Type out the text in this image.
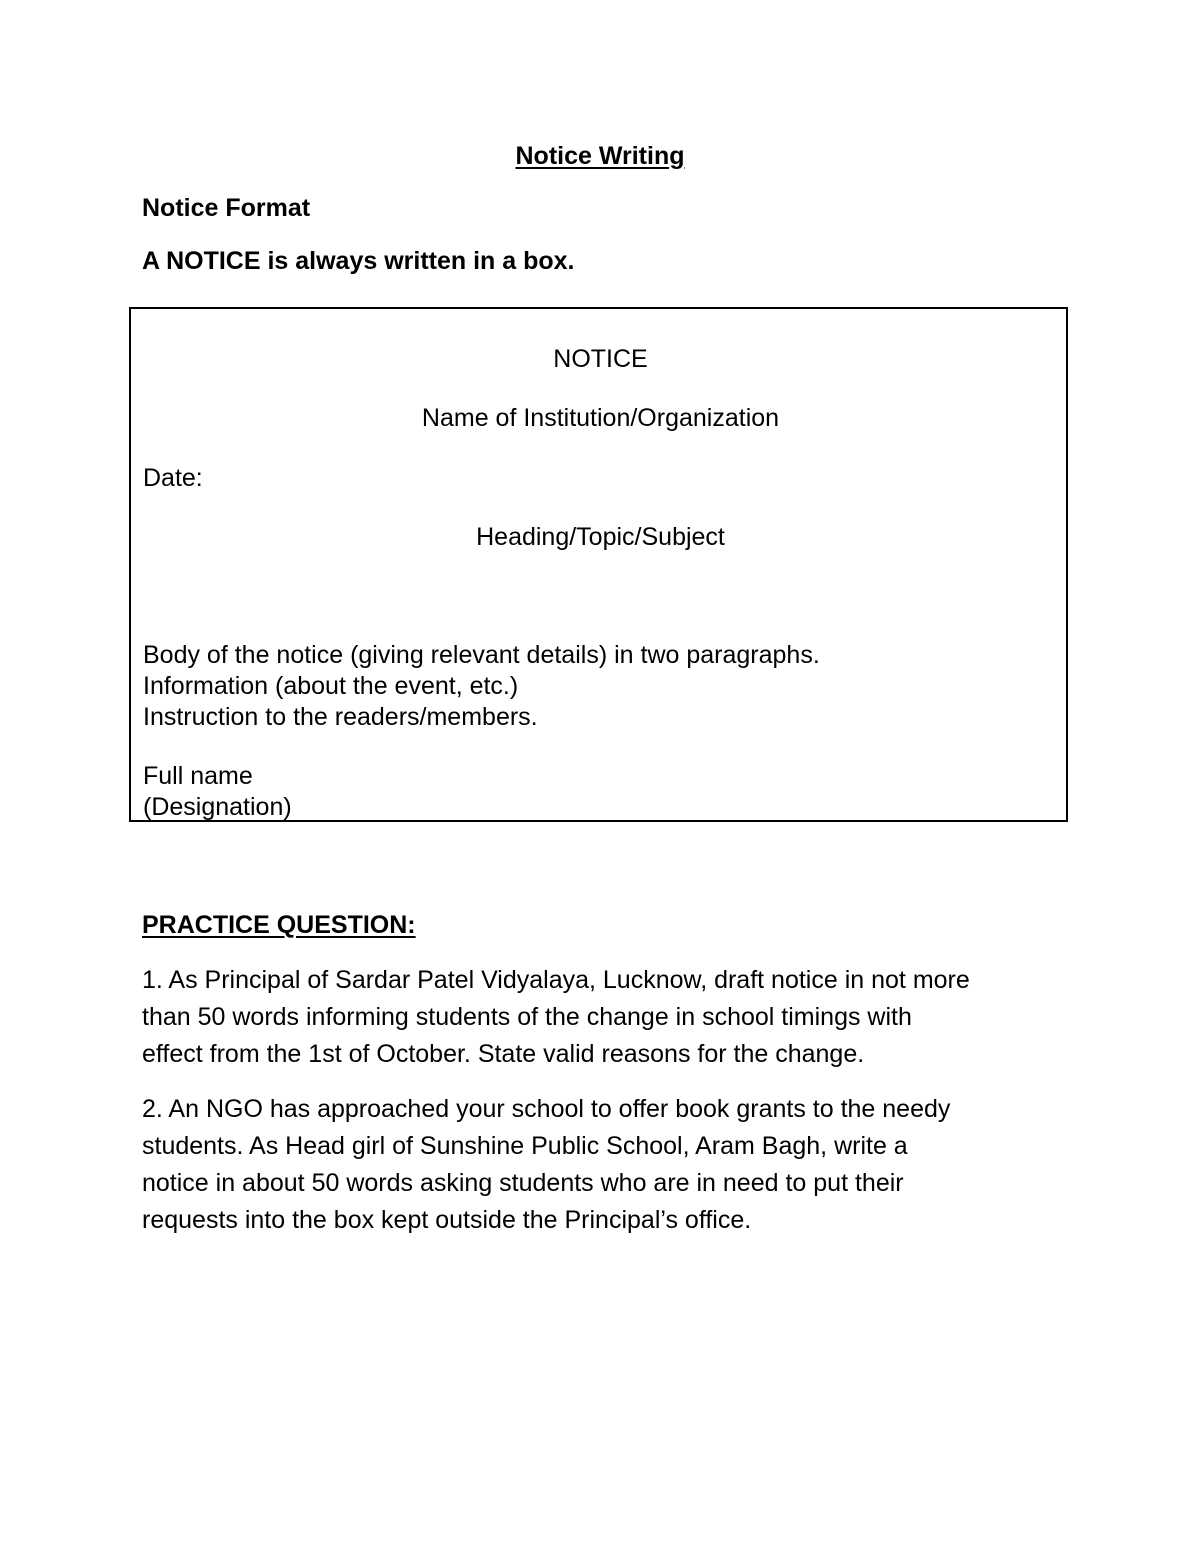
Notice Writing
Notice Format
A NOTICE is always written in a box.
NOTICE
Name of Institution/Organization
Date:
Heading/Topic/Subject
Body of the notice (giving relevant details) in two paragraphs.
Information (about the event, etc.)
Instruction to the readers/members.
Full name
(Designation)
PRACTICE QUESTION:
1. As Principal of Sardar Patel Vidyalaya, Lucknow, draft notice in not more
than 50 words informing students of the change in school timings with
effect from the 1st of October. State valid reasons for the change.
2. An NGO has approached your school to offer book grants to the needy
students. As Head girl of Sunshine Public School, Aram Bagh, write a
notice in about 50 words asking students who are in need to put their
requests into the box kept outside the Principal’s office.
